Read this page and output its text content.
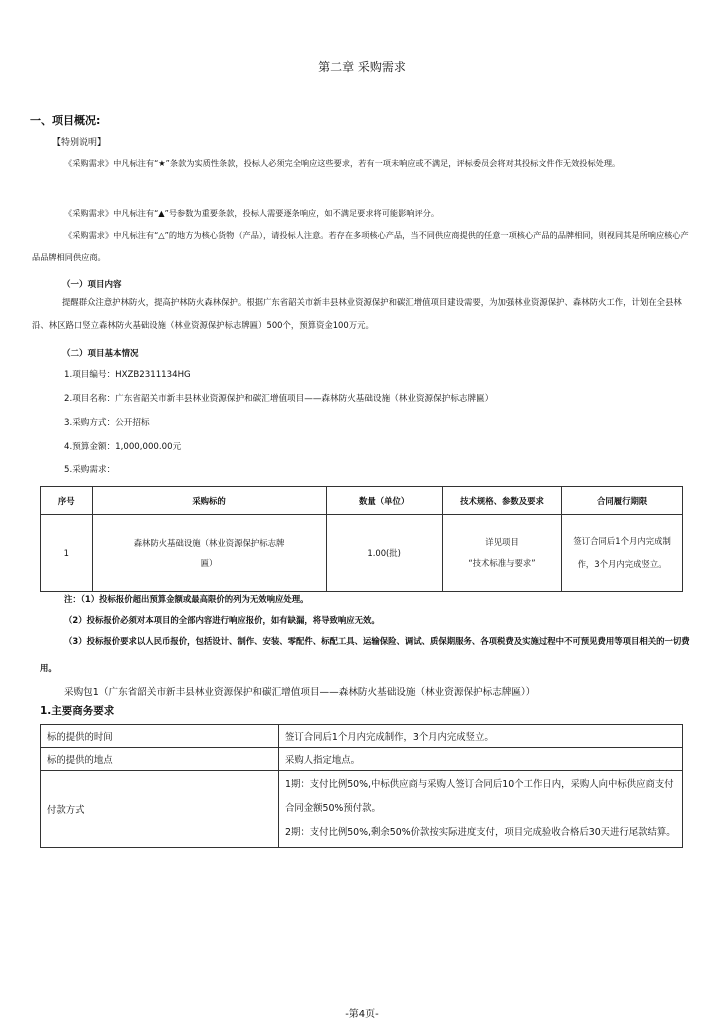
第二章 采购需求
一、项目概况:
【特别说明】
《采购需求》中凡标注有“★”条款为实质性条款，投标人必须完全响应这些要求，若有一项未响应或不满足，评标委员会将对其投标文件作无效投标处理。
《采购需求》中凡标注有“▲”号参数为重要条款，投标人需要逐条响应，如不满足要求将可能影响评分。
《采购需求》中凡标注有“△”的地方为核心货物（产品），请投标人注意。若存在多项核心产品，当不同供应商提供的任意一项核心产品的品牌相同，则视同其是所响应核心产品品牌相同供应商。
（一）项目内容
提醒群众注意护林防火，提高护林防火森林保护。根据广东省韶关市新丰县林业资源保护和碳汇增值项目建设需要，为加强林业资源保护、森林防火工作，计划在全县林沿、林区路口竖立森林防火基础设施（林业资源保护标志牌匾）500个，预算资金100万元。
（二）项目基本情况
1.项目编号：HXZB2311134HG
2.项目名称：广东省韶关市新丰县林业资源保护和碳汇增值项目——森林防火基础设施（林业资源保护标志牌匾）
3.采购方式：公开招标
4.预算金额：1,000,000.00元
5.采购需求：
序号	采购标的	数量（单位）	技术规格、参数及要求	合同履行期限
1	森林防火基础设施（林业资源保护标志牌匾）	1.00(批)	详见项目
“技术标准与要求”	签订合同后1个月内完成制作，3个月内完成竖立。
注：（1）投标报价超出预算金额或最高限价的列为无效响应处理。
（2）投标报价必须对本项目的全部内容进行响应报价，如有缺漏，将导致响应无效。
（3）投标报价要求以人民币报价，包括设计、制作、安装、零配件、标配工具、运输保险、调试、质保期服务、各项税费及实施过程中不可预见费用等项目相关的一切费用。
采购包1（广东省韶关市新丰县林业资源保护和碳汇增值项目——森林防火基础设施（林业资源保护标志牌匾））
1.主要商务要求
标的提供的时间	签订合同后1个月内完成制作，3个月内完成竖立。
标的提供的地点	采购人指定地点。
付款方式	1期：支付比例50%,中标供应商与采购人签订合同后10个工作日内，采购人向中标供应商支付合同金额50%预付款。
2期：支付比例50%,剩余50%价款按实际进度支付，项目完成验收合格后30天进行尾款结算。
-第4页-
